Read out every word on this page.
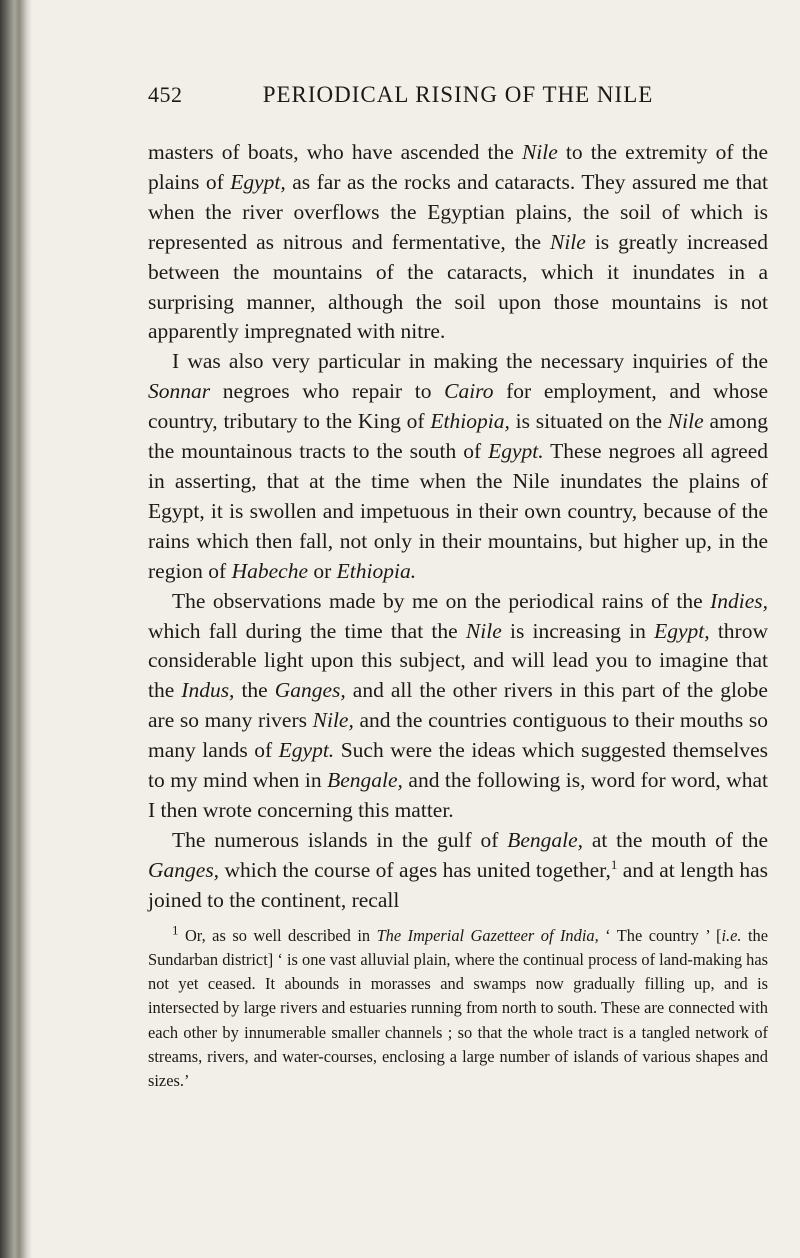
452	PERIODICAL RISING OF THE NILE

masters of boats, who have ascended the Nile to the extremity of the plains of Egypt, as far as the rocks and cataracts. They assured me that when the river overflows the Egyptian plains, the soil of which is represented as nitrous and fermentative, the Nile is greatly increased between the mountains of the cataracts, which it inundates in a surprising manner, although the soil upon those mountains is not apparently impregnated with nitre.

I was also very particular in making the necessary inquiries of the Sonnar negroes who repair to Cairo for employment, and whose country, tributary to the King of Ethiopia, is situated on the Nile among the mountainous tracts to the south of Egypt. These negroes all agreed in asserting, that at the time when the Nile inundates the plains of Egypt, it is swollen and impetuous in their own country, because of the rains which then fall, not only in their mountains, but higher up, in the region of Habeche or Ethiopia.

The observations made by me on the periodical rains of the Indies, which fall during the time that the Nile is increasing in Egypt, throw considerable light upon this subject, and will lead you to imagine that the Indus, the Ganges, and all the other rivers in this part of the globe are so many rivers Nile, and the countries contiguous to their mouths so many lands of Egypt. Such were the ideas which suggested themselves to my mind when in Bengale, and the following is, word for word, what I then wrote concerning this matter.

The numerous islands in the gulf of Bengale, at the mouth of the Ganges, which the course of ages has united together,$^1$ and at length has joined to the continent, recall

$^1$ Or, as so well described in The Imperial Gazetteer of India, ‘ The country ’ [i.e. the Sundarban district] ‘ is one vast alluvial plain, where the continual process of land-making has not yet ceased. It abounds in morasses and swamps now gradually filling up, and is intersected by large rivers and estuaries running from north to south. These are connected with each other by innumerable smaller channels ; so that the whole tract is a tangled network of streams, rivers, and water-courses, enclosing a large number of islands of various shapes and sizes.’
